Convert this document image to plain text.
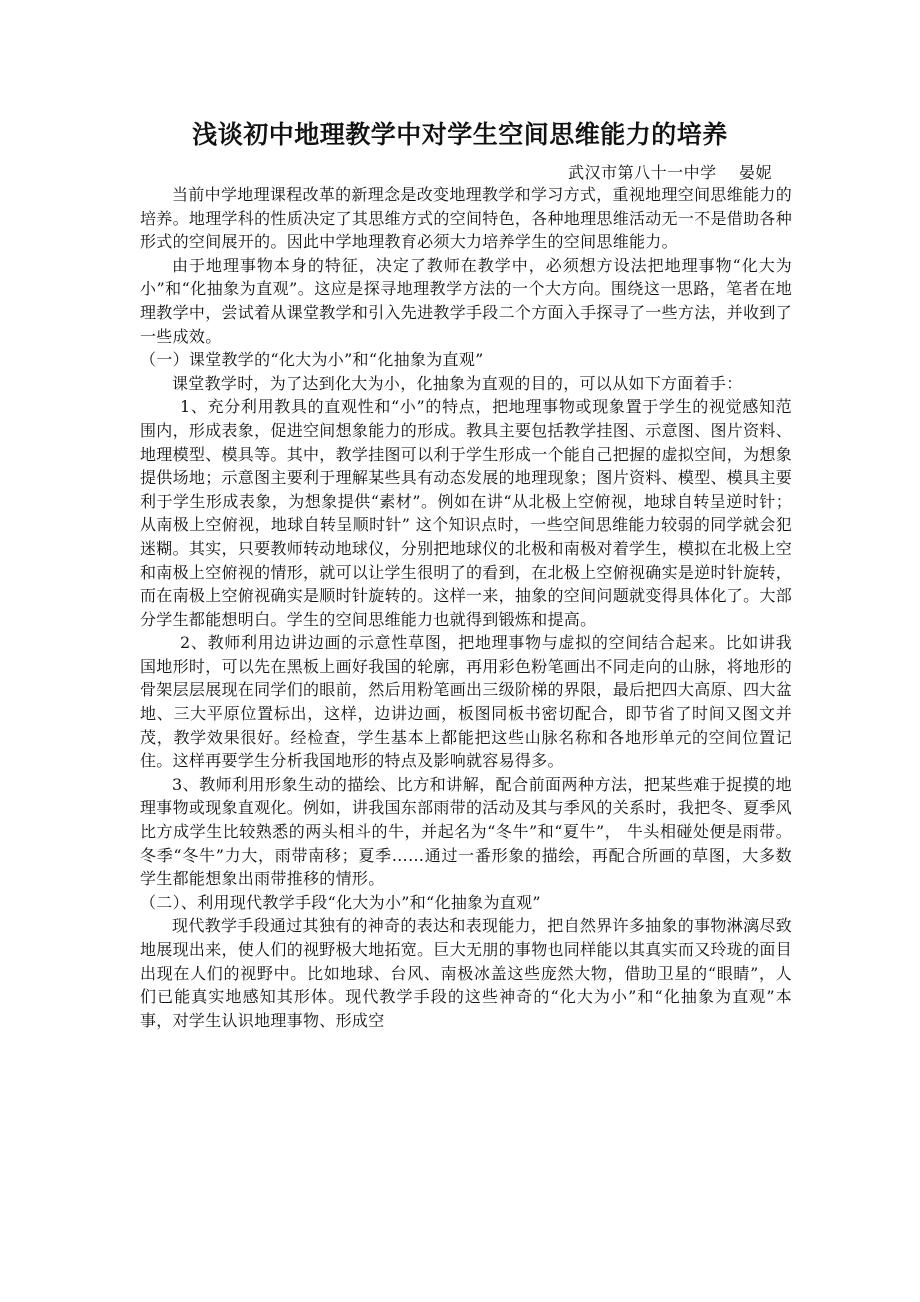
浅谈初中地理教学中对学生空间思维能力的培养
武汉市第八十一中学    晏妮

当前中学地理课程改革的新理念是改变地理教学和学习方式，重视地理空间思维能力的培养。地理学科的性质决定了其思维方式的空间特色，各种地理思维活动无一不是借助各种形式的空间展开的。因此中学地理教育必须大力培养学生的空间思维能力。

由于地理事物本身的特征，决定了教师在教学中，必须想方设法把地理事物“化大为小”和“化抽象为直观”。这应是探寻地理教学方法的一个大方向。围绕这一思路，笔者在地理教学中，尝试着从课堂教学和引入先进教学手段二个方面入手探寻了一些方法，并收到了一些成效。

（一）课堂教学的“化大为小”和“化抽象为直观”

课堂教学时，为了达到化大为小，化抽象为直观的目的，可以从如下方面着手：

1、充分利用教具的直观性和“小”的特点，把地理事物或现象置于学生的视觉感知范围内，形成表象，促进空间想象能力的形成。教具主要包括教学挂图、示意图、图片资料、地理模型、模具等。其中，教学挂图可以利于学生形成一个能自己把握的虚拟空间，为想象提供场地；示意图主要利于理解某些具有动态发展的地理现象；图片资料、模型、模具主要利于学生形成表象，为想象提供“素材”。例如在讲“从北极上空俯视，地球自转呈逆时针；从南极上空俯视，地球自转呈顺时针” 这个知识点时，一些空间思维能力较弱的同学就会犯迷糊。其实，只要教师转动地球仪，分别把地球仪的北极和南极对着学生，模拟在北极上空和南极上空俯视的情形，就可以让学生很明了的看到，在北极上空俯视确实是逆时针旋转，而在南极上空俯视确实是顺时针旋转的。这样一来，抽象的空间问题就变得具体化了。大部分学生都能想明白。学生的空间思维能力也就得到锻炼和提高。

2、教师利用边讲边画的示意性草图，把地理事物与虚拟的空间结合起来。比如讲我国地形时，可以先在黑板上画好我国的轮廓，再用彩色粉笔画出不同走向的山脉，将地形的骨架层层展现在同学们的眼前，然后用粉笔画出三级阶梯的界限，最后把四大高原、四大盆地、三大平原位置标出，这样，边讲边画，板图同板书密切配合，即节省了时间又图文并茂，教学效果很好。经检查，学生基本上都能把这些山脉名称和各地形单元的空间位置记住。这样再要学生分析我国地形的特点及影响就容易得多。

3、教师利用形象生动的描绘、比方和讲解，配合前面两种方法，把某些难于捉摸的地理事物或现象直观化。例如，讲我国东部雨带的活动及其与季风的关系时，我把冬、夏季风比方成学生比较熟悉的两头相斗的牛，并起名为“冬牛”和“夏牛”， 牛头相碰处便是雨带。冬季“冬牛”力大，雨带南移；夏季……通过一番形象的描绘，再配合所画的草图，大多数学生都能想象出雨带推移的情形。

（二）、利用现代教学手段“化大为小”和“化抽象为直观”

现代教学手段通过其独有的神奇的表达和表现能力，把自然界许多抽象的事物淋漓尽致地展现出来，使人们的视野极大地拓宽。巨大无朋的事物也同样能以其真实而又玲珑的面目出现在人们的视野中。比如地球、台风、南极冰盖这些庞然大物，借助卫星的“眼睛”，人们已能真实地感知其形体。现代教学手段的这些神奇的“化大为小”和“化抽象为直观”本事，对学生认识地理事物、形成空
